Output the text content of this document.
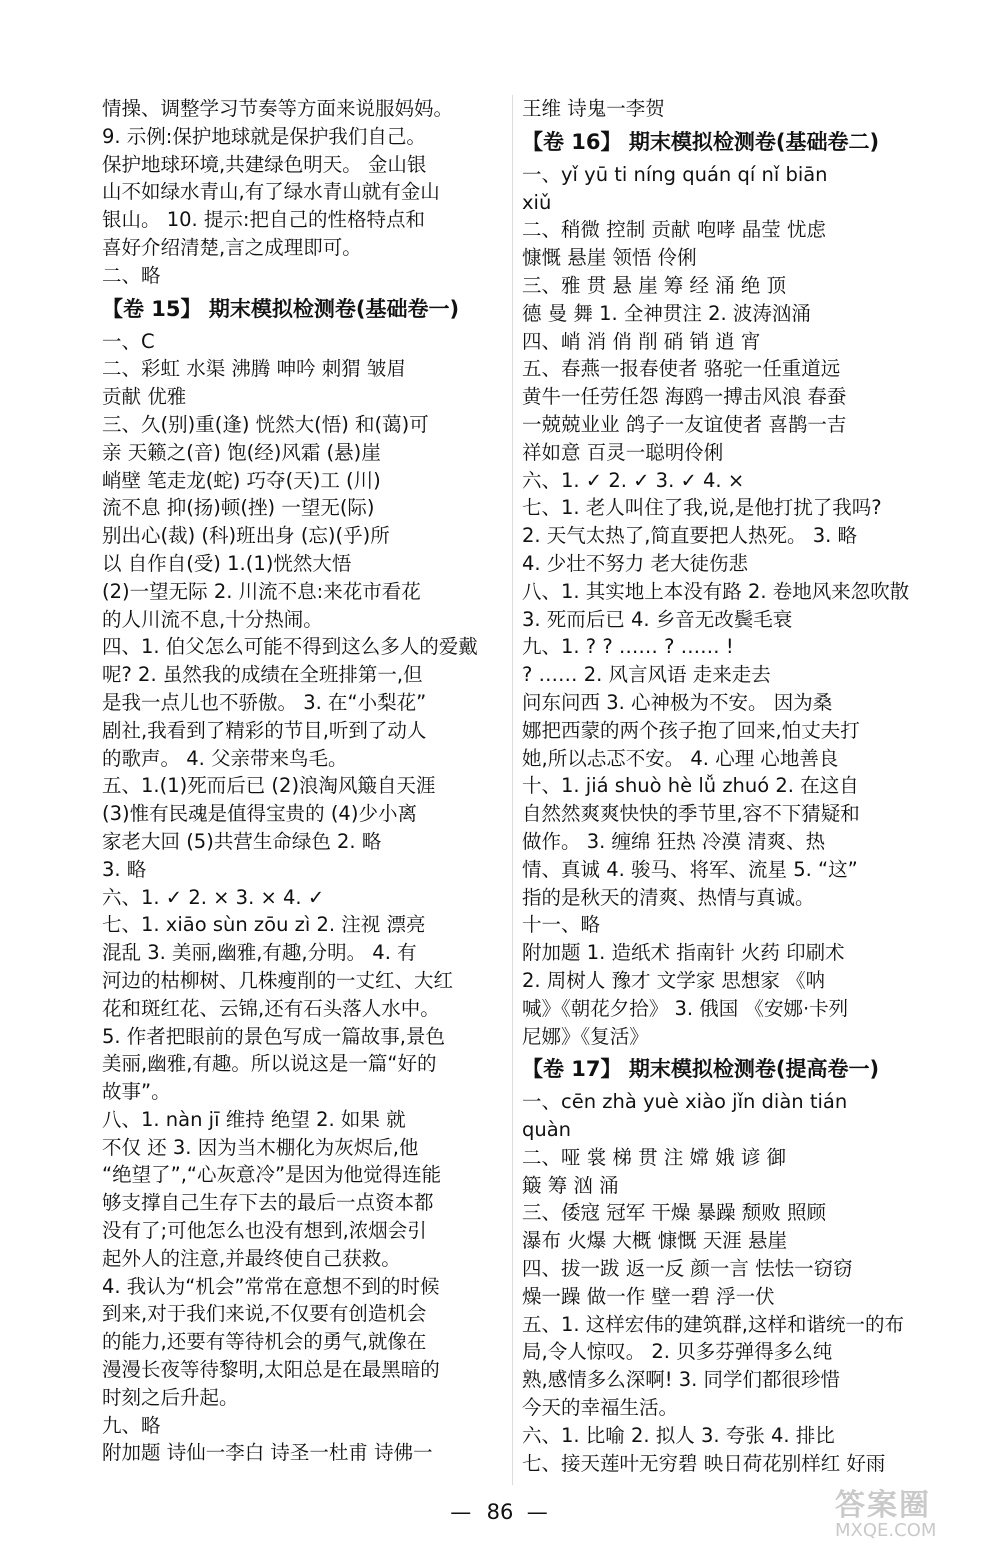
情操、调整学习节奏等方面来说服妈妈。
9. 示例:保护地球就是保护我们自己。
保护地球环境,共建绿色明天。 金山银
山不如绿水青山,有了绿水青山就有金山
银山。 10. 提示:把自己的性格特点和
喜好介绍清楚,言之成理即可。
二、略
【卷 15】 期末模拟检测卷(基础卷一)
一、C
二、彩虹 水渠 沸腾 呻吟 刺猬 皱眉
贡献 优雅
三、久(别)重(逢) 恍然大(悟) 和(蔼)可
亲 天籁之(音) 饱(经)风霜 (悬)崖
峭壁 笔走龙(蛇) 巧夺(天)工 (川)
流不息 抑(扬)顿(挫) 一望无(际)
别出心(裁) (科)班出身 (忘)(乎)所
以 自作自(受) 1.(1)恍然大悟
(2)一望无际 2. 川流不息:来花市看花
的人川流不息,十分热闹。
四、1. 伯父怎么可能不得到这么多人的爱戴
呢? 2. 虽然我的成绩在全班排第一,但
是我一点儿也不骄傲。 3. 在“小梨花”
剧社,我看到了精彩的节目,听到了动人
的歌声。 4. 父亲带来鸟毛。
五、1.(1)死而后已 (2)浪淘风簸自天涯
(3)惟有民魂是值得宝贵的 (4)少小离
家老大回 (5)共营生命绿色 2. 略
3. 略
六、1. ✓ 2. × 3. × 4. ✓
七、1. xiāo sùn zōu zì 2. 注视 漂亮
混乱 3. 美丽,幽雅,有趣,分明。 4. 有
河边的枯柳树、几株瘦削的一丈红、大红
花和斑红花、云锦,还有石头落人水中。
5. 作者把眼前的景色写成一篇故事,景色
美丽,幽雅,有趣。所以说这是一篇“好的
故事”。
八、1. nàn jī 维持 绝望 2. 如果 就
不仅 还 3. 因为当木棚化为灰烬后,他
“绝望了”,“心灰意冷”是因为他觉得连能
够支撑自己生存下去的最后一点资本都
没有了;可他怎么也没有想到,浓烟会引
起外人的注意,并最终使自己获救。
4. 我认为“机会”常常在意想不到的时候
到来,对于我们来说,不仅要有创造机会
的能力,还要有等待机会的勇气,就像在
漫漫长夜等待黎明,太阳总是在最黑暗的
时刻之后升起。
九、略
附加题 诗仙一李白 诗圣一杜甫 诗佛一
王维 诗鬼一李贺
【卷 16】 期末模拟检测卷(基础卷二)
一、yǐ yū ti níng quán qí nǐ biān
xiǔ
二、稍微 控制 贡献 咆哮 晶莹 忧虑
慷慨 悬崖 领悟 伶俐
三、雅 贯 悬 崖 筹 经 涌 绝 顶
德 曼 舞 1. 全神贯注 2. 波涛汹涌
四、峭 消 俏 削 硝 销 逍 宵
五、春燕一报春使者 骆驼一任重道远
黄牛一任劳任怨 海鸥一搏击风浪 春蚕
一兢兢业业 鸽子一友谊使者 喜鹊一吉
祥如意 百灵一聪明伶俐
六、1. ✓ 2. ✓ 3. ✓ 4. ×
七、1. 老人叫住了我,说,是他打扰了我吗?
2. 天气太热了,简直要把人热死。 3. 略
4. 少壮不努力 老大徒伤悲
八、1. 其实地上本没有路 2. 卷地风来忽吹散
3. 死而后已 4. 乡音无改鬓毛衰
九、1. ? ? …… ? …… !
? …… 2. 风言风语 走来走去
问东问西 3. 心神极为不安。 因为桑
娜把西蒙的两个孩子抱了回来,怕丈夫打
她,所以忐忑不安。 4. 心理 心地善良
十、1. jiá shuò hè lǚ zhuó 2. 在这自
自然然爽爽快快的季节里,容不下猜疑和
做作。 3. 缠绵 狂热 冷漠 清爽、热
情、真诚 4. 骏马、将军、流星 5. “这”
指的是秋天的清爽、热情与真诚。
十一、略
附加题 1. 造纸术 指南针 火药 印刷术
2. 周树人 豫才 文学家 思想家 《呐
喊》《朝花夕拾》 3. 俄国 《安娜·卡列
尼娜》《复活》
【卷 17】 期末模拟检测卷(提高卷一)
一、cēn zhà yuè xiào jǐn diàn tián
quàn
二、哑 裳 梯 贯 注 嫦 娥 谚 御
簸 筹 汹 涌
三、倭寇 冠军 干燥 暴躁 颓败 照顾
瀑布 火爆 大概 慷慨 天涯 悬崖
四、拔一跋 返一反 颜一言 怯怯一窃窃
燥一躁 做一作 壁一碧 浮一伏
五、1. 这样宏伟的建筑群,这样和谐统一的布
局,令人惊叹。 2. 贝多芬弹得多么纯
熟,感情多么深啊! 3. 同学们都很珍惜
今天的幸福生活。
六、1. 比喻 2. 拟人 3. 夸张 4. 排比
七、接天莲叶无穷碧 映日荷花别样红 好雨
— 86 —	答案圈
MXQE.COM
